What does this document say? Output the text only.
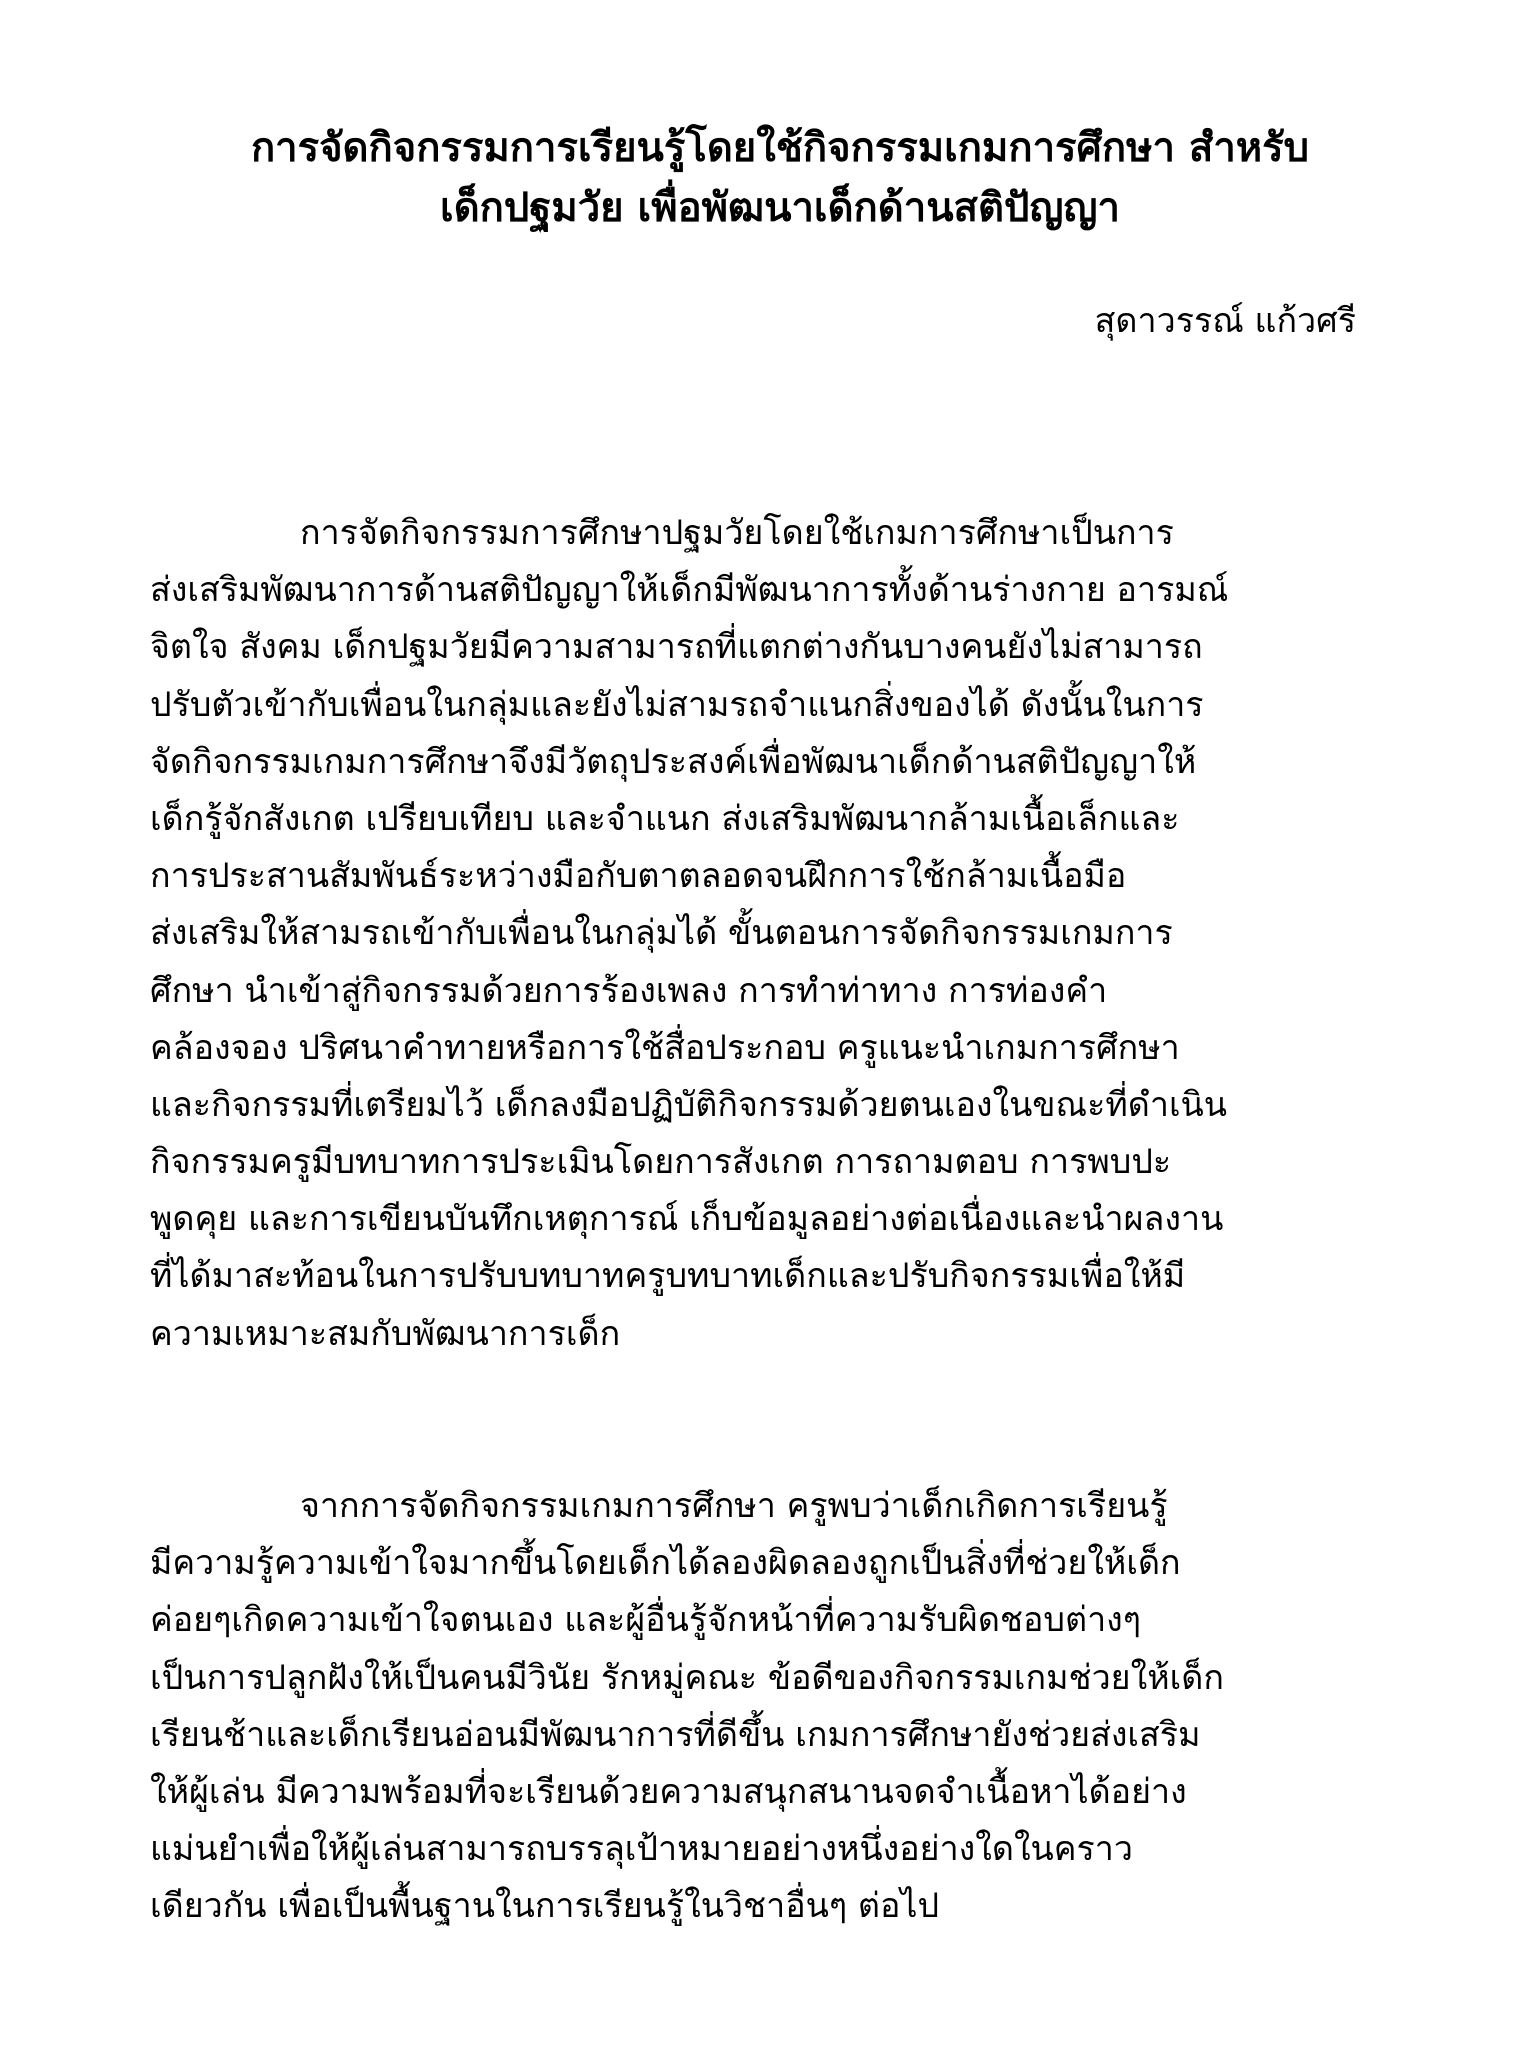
การจัดกิจกรรมการเรียนรู้โดยใช้กิจกรรมเกมการศึกษา สำหรับ
เด็กปฐมวัย เพื่อพัฒนาเด็กด้านสติปัญญา
สุดาวรรณ์ แก้วศรี
การจัดกิจกรรมการศึกษาปฐมวัยโดยใช้เกมการศึกษาเป็นการ
ส่งเสริมพัฒนาการด้านสติปัญญาให้เด็กมีพัฒนาการทั้งด้านร่างกาย อารมณ์
จิตใจ สังคม เด็กปฐมวัยมีความสามารถที่แตกต่างกันบางคนยังไม่สามารถ
ปรับตัวเข้ากับเพื่อนในกลุ่มและยังไม่สามรถจำแนกสิ่งของได้ ดังนั้นในการ
จัดกิจกรรมเกมการศึกษาจึงมีวัตถุประสงค์เพื่อพัฒนาเด็กด้านสติปัญญาให้
เด็กรู้จักสังเกต เปรียบเทียบ และจำแนก ส่งเสริมพัฒนากล้ามเนื้อเล็กและ
การประสานสัมพันธ์ระหว่างมือกับตาตลอดจนฝึกการใช้กล้ามเนื้อมือ
ส่งเสริมให้สามรถเข้ากับเพื่อนในกลุ่มได้ ขั้นตอนการจัดกิจกรรมเกมการ
ศึกษา นำเข้าสู่กิจกรรมด้วยการร้องเพลง การทำท่าทาง การท่องคำ
คล้องจอง ปริศนาคำทายหรือการใช้สื่อประกอบ ครูแนะนำเกมการศึกษา
และกิจกรรมที่เตรียมไว้ เด็กลงมือปฏิบัติกิจกรรมด้วยตนเองในขณะที่ดำเนิน
กิจกรรมครูมีบทบาทการประเมินโดยการสังเกต การถามตอบ การพบปะ
พูดคุย และการเขียนบันทึกเหตุการณ์ เก็บข้อมูลอย่างต่อเนื่องและนำผลงาน
ที่ได้มาสะท้อนในการปรับบทบาทครูบทบาทเด็กและปรับกิจกรรมเพื่อให้มี
ความเหมาะสมกับพัฒนาการเด็ก
จากการจัดกิจกรรมเกมการศึกษา ครูพบว่าเด็กเกิดการเรียนรู้
มีความรู้ความเข้าใจมากขึ้นโดยเด็กได้ลองผิดลองถูกเป็นสิ่งที่ช่วยให้เด็ก
ค่อยๆเกิดความเข้าใจตนเอง และผู้อื่นรู้จักหน้าที่ความรับผิดชอบต่างๆ
เป็นการปลูกฝังให้เป็นคนมีวินัย รักหมู่คณะ ข้อดีของกิจกรรมเกมช่วยให้เด็ก
เรียนช้าและเด็กเรียนอ่อนมีพัฒนาการที่ดีขึ้น เกมการศึกษายังช่วยส่งเสริม
ให้ผู้เล่น มีความพร้อมที่จะเรียนด้วยความสนุกสนานจดจำเนื้อหาได้อย่าง
แม่นยำเพื่อให้ผู้เล่นสามารถบรรลุเป้าหมายอย่างหนึ่งอย่างใดในคราว
เดียวกัน เพื่อเป็นพื้นฐานในการเรียนรู้ในวิชาอื่นๆ ต่อไป
